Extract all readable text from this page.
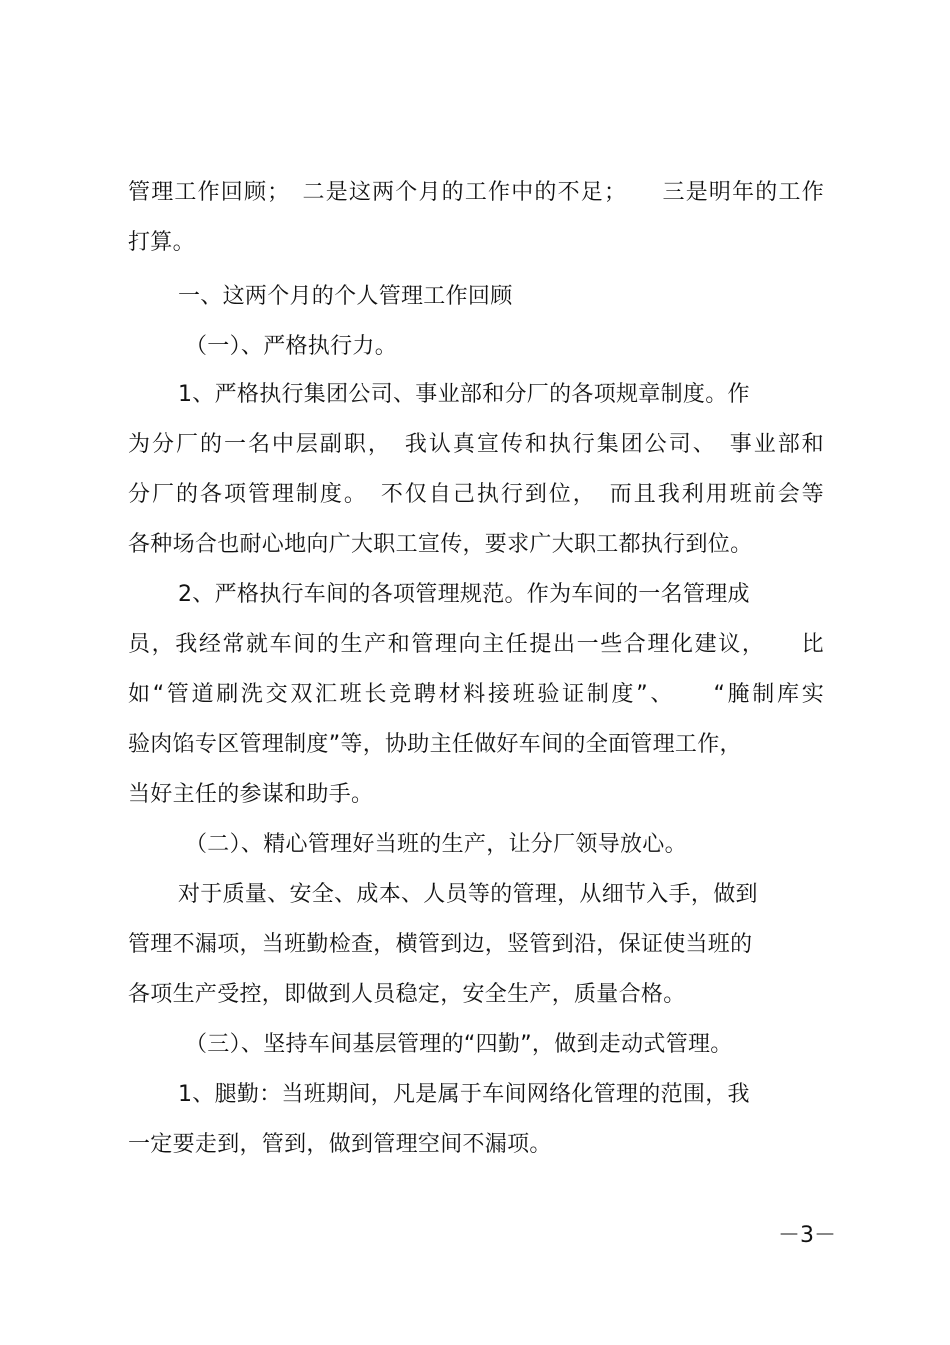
管理工作回顾；　二是这两个月的工作中的不足；　　三是明年的工作
打算。
一、这两个月的个人管理工作回顾
（一）、严格执行力。
1、严格执行集团公司、事业部和分厂的各项规章制度。作
为分厂的一名中层副职，　我认真宣传和执行集团公司、　事业部和
分厂的各项管理制度。　不仅自己执行到位，　而且我利用班前会等
各种场合也耐心地向广大职工宣传，要求广大职工都执行到位。
2、严格执行车间的各项管理规范。作为车间的一名管理成
员，我经常就车间的生产和管理向主任提出一些合理化建议，　　比
如“管道刷洗交双汇班长竞聘材料接班验证制度”、　　“腌制库实
验肉馅专区管理制度”等，协助主任做好车间的全面管理工作，
当好主任的参谋和助手。
（二）、精心管理好当班的生产，让分厂领导放心。
对于质量、安全、成本、人员等的管理，从细节入手，做到
管理不漏项，当班勤检查，横管到边，竖管到沿，保证使当班的
各项生产受控，即做到人员稳定，安全生产，质量合格。
（三）、坚持车间基层管理的“四勤”，做到走动式管理。
1、腿勤：当班期间，凡是属于车间网络化管理的范围，我
一定要走到，管到，做到管理空间不漏项。
－3－
